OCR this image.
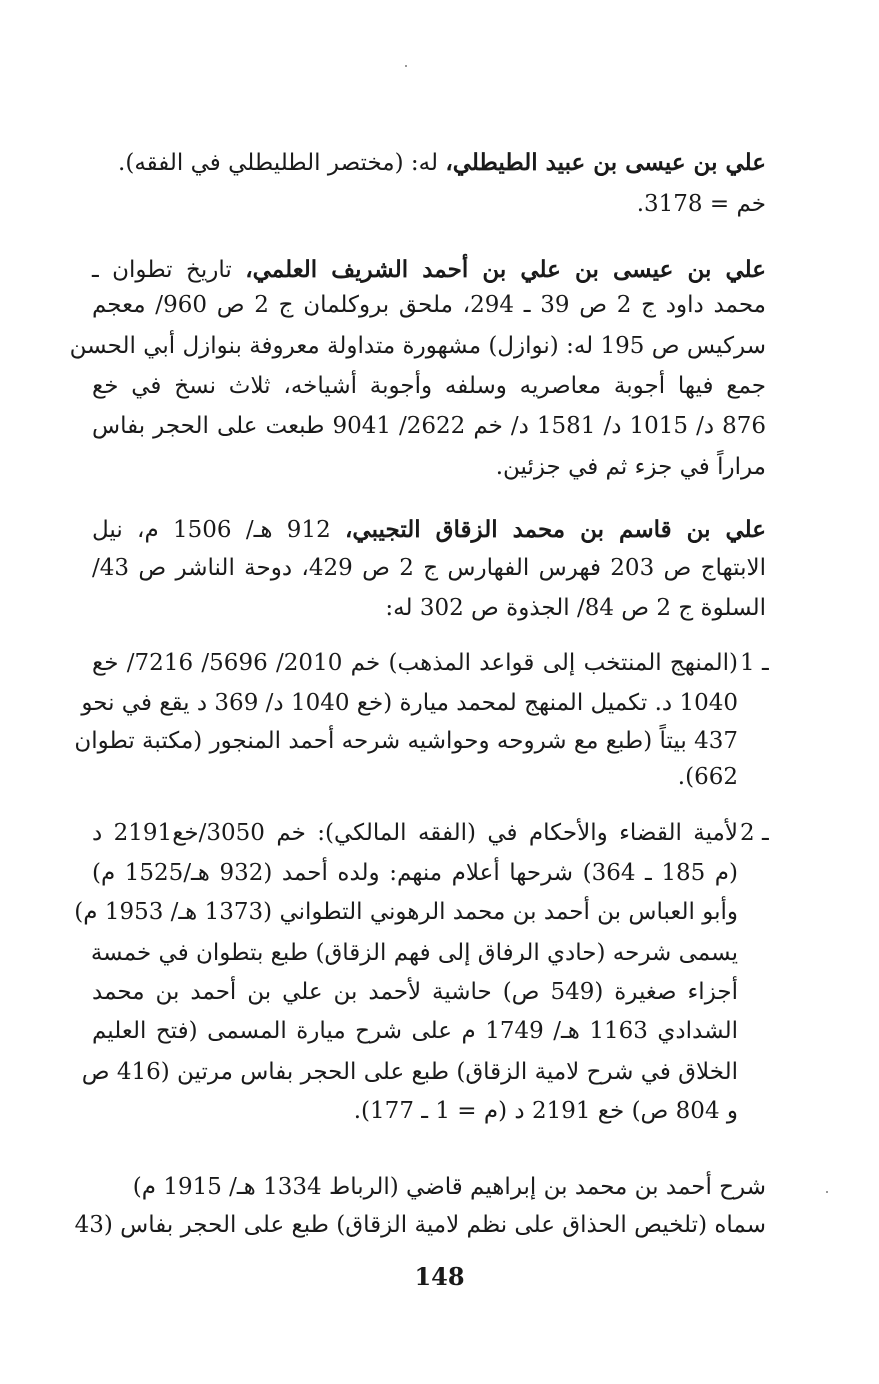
علي بن عيسى بن عبيد الطيطلي، له: (مختصر الطليطلي في الفقه).
خم = 3178.
علي بن عيسى بن علي بن أحمد الشريف العلمي، تاريخ تطوان ـ
محمد داود ج 2 ص 39 ـ 294، ملحق بروكلمان ج 2 ص 960/ معجم
سركيس ص 195 له: (نوازل) مشهورة متداولة معروفة بنوازل أبي الحسن
جمع فيها أجوبة معاصريه وسلفه وأجوبة أشياخه، ثلاث نسخ في خع
876 د/ 1015 د/ 1581 د/ خم 2622/ 9041 طبعت على الحجر بفاس
مراراً في جزء ثم في جزئين.
علي بن قاسم بن محمد الزقاق التجيبي، 912 هـ/ 1506 م، نيل
الابتهاج ص 203 فهرس الفهارس ج 2 ص 429، دوحة الناشر ص 43/
السلوة ج 2 ص 84/ الجذوة ص 302 له:
1 ـ
(المنهج المنتخب إلى قواعد المذهب) خم 2010/ 5696/ 7216/ خع
1040 د. تكميل المنهج لمحمد ميارة (خع 1040 د/ 369 د يقع في نحو
437 بيتاً (طبع مع شروحه وحواشيه شرحه أحمد المنجور (مكتبة تطوان
662).
2 ـ
لأمية القضاء والأحكام في (الفقه المالكي): خم 3050/خع2191 د
(م 185 ـ 364) شرحها أعلام منهم: ولده أحمد (932 هـ/1525 م)
وأبو العباس بن أحمد بن محمد الرهوني التطواني (1373 هـ/ 1953 م)
يسمى شرحه (حادي الرفاق إلى فهم الزقاق) طبع بتطوان في خمسة
أجزاء صغيرة (549 ص) حاشية لأحمد بن علي بن أحمد بن محمد
الشدادي 1163 هـ/ 1749 م على شرح ميارة المسمى (فتح العليم
الخلاق في شرح لامية الزقاق) طبع على الحجر بفاس مرتين (416 ص
و 804 ص) خع 2191 د (م = 1 ـ 177).
شرح أحمد بن محمد بن إبراهيم قاضي (الرباط 1334 هـ/ 1915 م)
سماه (تلخيص الحذاق على نظم لامية الزقاق) طبع على الحجر بفاس (43
148
